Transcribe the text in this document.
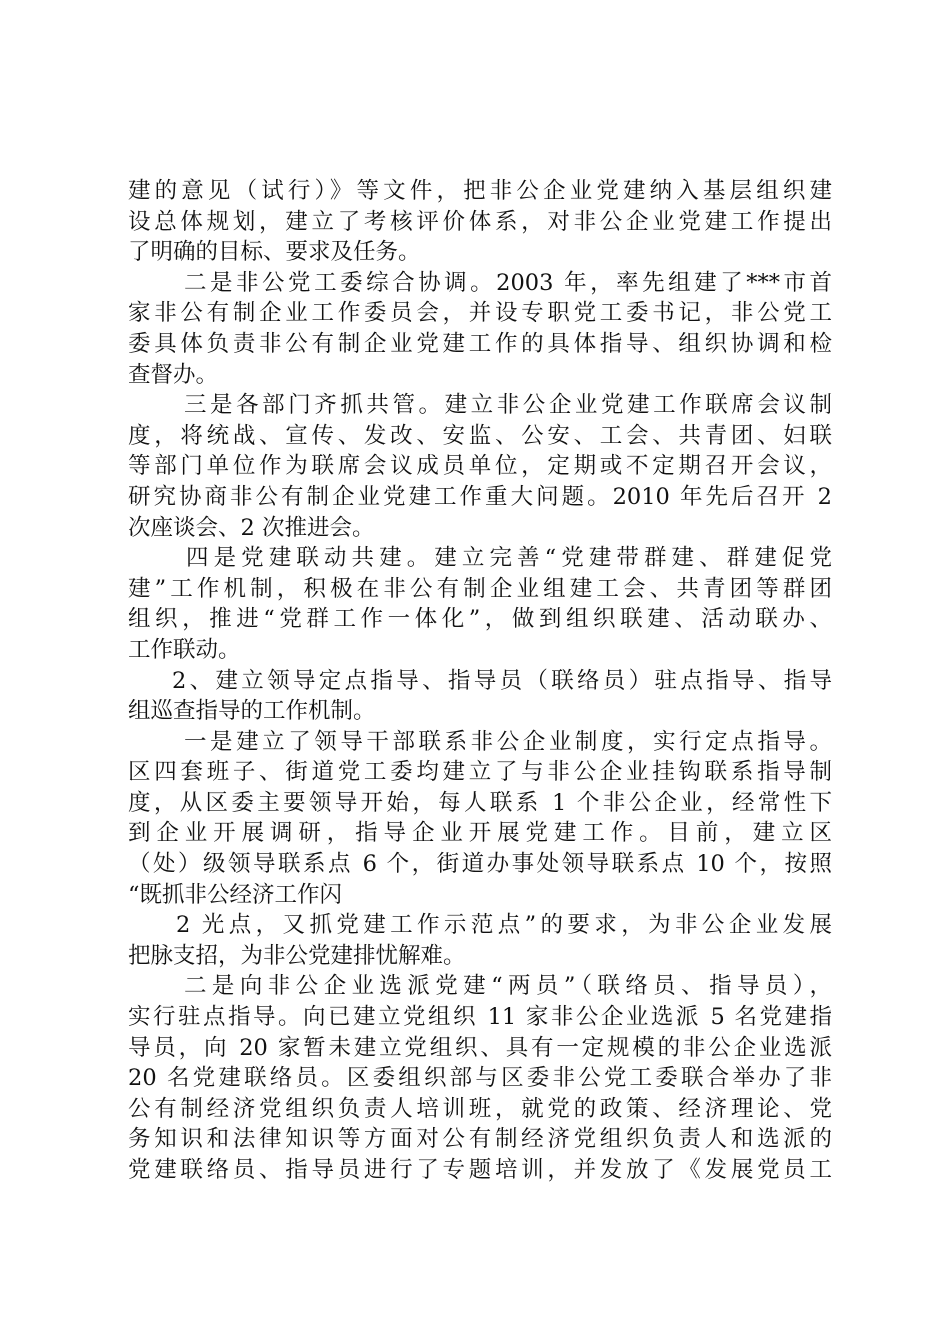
建的意见（试行）》等文件，把非公企业党建纳入基层组织建
设总体规划，建立了考核评价体系，对非公企业党建工作提出
了明确的目标、要求及任务。
二是非公党工委综合协调。2003 年，率先组建了***市首
家非公有制企业工作委员会，并设专职党工委书记，非公党工
委具体负责非公有制企业党建工作的具体指导、组织协调和检
查督办。
三是各部门齐抓共管。建立非公企业党建工作联席会议制
度，将统战、宣传、发改、安监、公安、工会、共青团、妇联
等部门单位作为联席会议成员单位，定期或不定期召开会议，
研究协商非公有制企业党建工作重大问题。2010 年先后召开 2
次座谈会、2 次推进会。
四是党建联动共建。建立完善“党建带群建、群建促党
建”工作机制，积极在非公有制企业组建工会、共青团等群团
组织，推进“党群工作一体化”，做到组织联建、活动联办、
工作联动。
2、建立领导定点指导、指导员（联络员）驻点指导、指导
组巡查指导的工作机制。
一是建立了领导干部联系非公企业制度，实行定点指导。
区四套班子、街道党工委均建立了与非公企业挂钩联系指导制
度，从区委主要领导开始，每人联系 1 个非公企业，经常性下
到企业开展调研，指导企业开展党建工作。目前，建立区
（处）级领导联系点 6 个，街道办事处领导联系点 10 个，按照
“既抓非公经济工作闪
2 光点，又抓党建工作示范点”的要求，为非公企业发展
把脉支招，为非公党建排忧解难。
二是向非公企业选派党建“两员”（联络员、指导员），
实行驻点指导。向已建立党组织 11 家非公企业选派 5 名党建指
导员，向 20 家暂未建立党组织、具有一定规模的非公企业选派
20 名党建联络员。区委组织部与区委非公党工委联合举办了非
公有制经济党组织负责人培训班，就党的政策、经济理论、党
务知识和法律知识等方面对公有制经济党组织负责人和选派的
党建联络员、指导员进行了专题培训，并发放了《发展党员工
